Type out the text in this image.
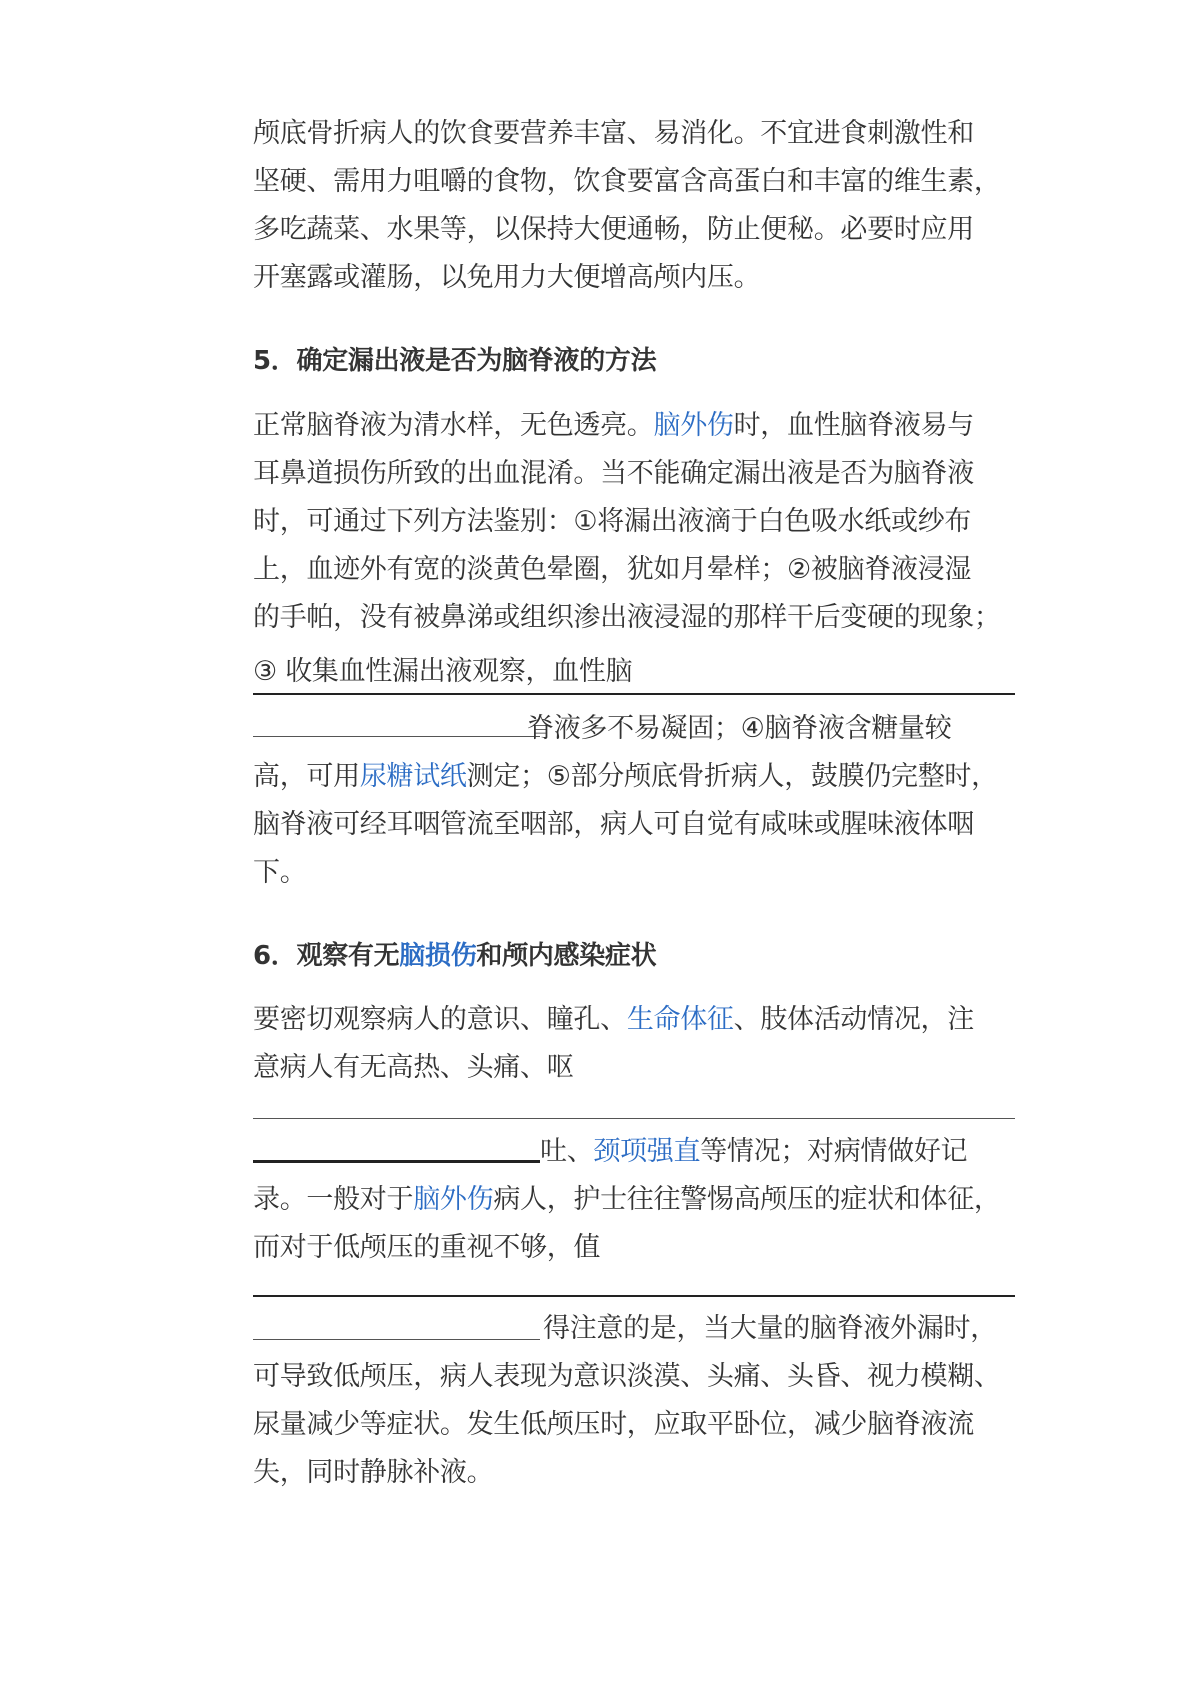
颅底骨折病人的饮食要营养丰富、易消化。不宜进食刺激性和

坚硬、需用力咀嚼的食物，饮食要富含高蛋白和丰富的维生素，

多吃蔬菜、水果等，以保持大便通畅，防止便秘。必要时应用

开塞露或灌肠，以免用力大便增高颅内压。

5．确定漏出液是否为脑脊液的方法

正常脑脊液为清水样，无色透亮。脑外伤时，血性脑脊液易与

耳鼻道损伤所致的出血混淆。当不能确定漏出液是否为脑脊液

时，可通过下列方法鉴别：①将漏出液滴于白色吸水纸或纱布

上，血迹外有宽的淡黄色晕圈，犹如月晕样；②被脑脊液浸湿

的手帕，没有被鼻涕或组织渗出液浸湿的那样干后变硬的现象；

③ 收集血性漏出液观察，血性脑

脊液多不易凝固；④脑脊液含糖量较

高，可用尿糖试纸测定；⑤部分颅底骨折病人，鼓膜仍完整时，

脑脊液可经耳咽管流至咽部，病人可自觉有咸味或腥味液体咽

下。

6．观察有无脑损伤和颅内感染症状

要密切观察病人的意识、瞳孔、生命体征、肢体活动情况，注

意病人有无高热、头痛、呕

吐、颈项强直等情况；对病情做好记

录。一般对于脑外伤病人，护士往往警惕高颅压的症状和体征，

而对于低颅压的重视不够，值

得注意的是，当大量的脑脊液外漏时，

可导致低颅压，病人表现为意识淡漠、头痛、头昏、视力模糊、

尿量减少等症状。发生低颅压时，应取平卧位，减少脑脊液流

失，同时静脉补液。
